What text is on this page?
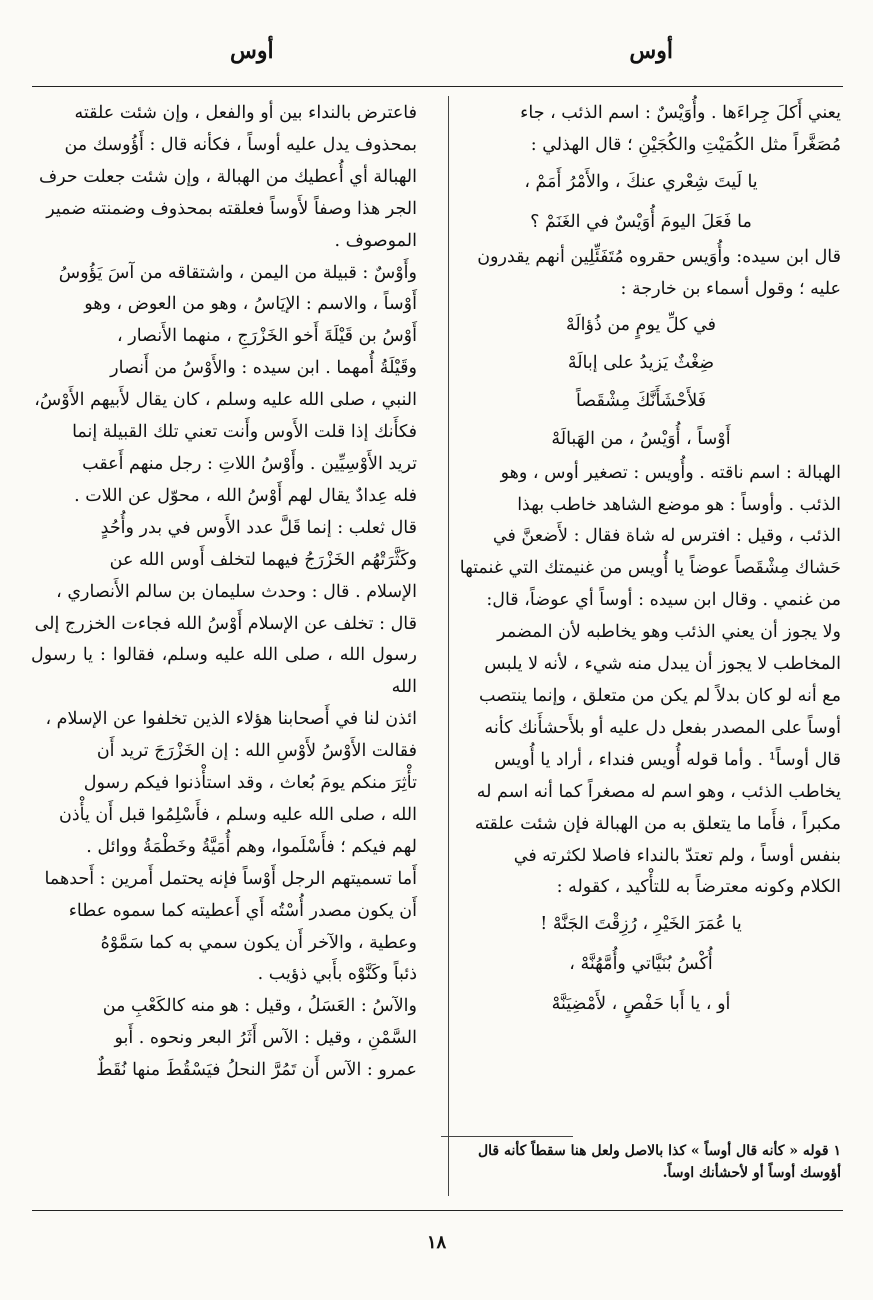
أوس
أوس

يعني أَكلَ جِراءَها . وأُوَيْسٌ : اسم الذئب ، جاء

مُصَغَّراً مثل الكُمَيْتِ والكُجَيْنِ ؛ قال الهذلي :

يا لَيتَ شِعْري عنكَ ، والأَمْرُ أَمَمْ ،

ما فَعَلَ اليومَ أُوَيْسٌ في الغَنَمْ ؟

قال ابن سيده: وأُوَيس حقروه مُتَفَئِّلِين أنهم يقدرون

عليه ؛ وقول أسماء بن خارجة :

في كلِّ يومٍ من ذُؤالَهْ

ضِغْثٌ يَزيدُ على إبالَهْ

فَلأَحْشَأَنَّكَ مِشْقَصاً

أَوْساً ، أُوَيْسُ ، من الهَبالَهْ

الهبالة : اسم ناقته . وأُويس : تصغير أوس ، وهو

الذئب . وأوساً : هو موضع الشاهد خاطب بهذا

الذئب ، وقيل : افترس له شاة فقال : لأَضعنَّ في

حَشاك مِشْقَصاً عوضاً يا أُويس من غنيمتك التي غنمتها

من غنمي . وقال ابن سيده : أوساً أي عوضاً، قال:

ولا يجوز أن يعني الذئب وهو يخاطبه لأن المضمر

المخاطب لا يجوز أن يبدل منه شيء ، لأنه لا يلبس

مع أنه لو كان بدلاً لم يكن من متعلق ، وإنما ينتصب

أوساً على المصدر بفعل دل عليه أو بلأَحشأَنك كأنه

قال أوساً¹ . وأما قوله أُويس فنداء ، أراد يا أُويس

يخاطب الذئب ، وهو اسم له مصغراً كما أنه اسم له

مكبراً ، فأَما ما يتعلق به من الهبالة فإن شئت علقته

بنفس أوساً ، ولم تعتدّ بالنداء فاصلا لكثرته في

الكلام وكونه معترضاً به للتأْكيد ، كقوله :

يا عُمَرَ الخَيْرِ ، رُزِقْتَ الجَنَّهْ !

أُكْسُ بُنَيَّاتي وأُمَّهُنَّهْ ،

أو ، يا أَبا حَفْصٍ ، لأَمْضِيَنَّهْ

١ قوله « كأنه قال أوساً » كذا بالاصل ولعل هنا سقطاً كأنه قال
أؤوسك أوساً أو لأحشأنك اوساً.

فاعترض بالنداء بين أو والفعل ، وإن شئت علقته

بمحذوف يدل عليه أوساً ، فكأنه قال : أَؤُوسك من

الهبالة أي أُعطيك من الهبالة ، وإن شئت جعلت حرف

الجر هذا وصفاً لأَوساً فعلقته بمحذوف وضمنته ضمير

الموصوف .

وأَوْسٌ : قبيلة من اليمن ، واشتقاقه من آسَ يَؤُوسُ

أَوْساً ، والاسم : الإيَاسُ ، وهو من العوض ، وهو

أَوْسُ بن قَيْلَةَ أَخو الخَزْرَجِ ، منهما الأَنصار ،

وقَيْلَةُ أُمهما . ابن سيده : والأَوْسُ من أَنصار

النبي ، صلى الله عليه وسلم ، كان يقال لأَبيهم الأَوْسُ،

فكأَنك إذا قلت الأَوس وأَنت تعني تلك القبيلة إنما

تريد الأَوْسِيِّين . وأَوْسُ اللاتِ : رجل منهم أَعقب

فله عِدادٌ يقال لهم أَوْسُ الله ، محوّل عن اللات .

قال ثعلب : إنما قَلَّ عدد الأَوس في بدر وأُحُدٍ

وكَثَّرَتْهُم الخَزْرَجُ فيهما لتخلف أَوس الله عن

الإسلام . قال : وحدث سليمان بن سالم الأَنصاري ،

قال : تخلف عن الإسلام أَوْسُ الله فجاءت الخزرج إلى

رسول الله ، صلى الله عليه وسلم، فقالوا : يا رسول الله

ائذن لنا في أَصحابنا هؤلاء الذين تخلفوا عن الإسلام ،

فقالت الأَوْسُ لأَوْسِ الله : إن الخَزْرَجَ تريد أَن

تأْثِرَ منكم يومَ بُعاث ، وقد استأْذنوا فيكم رسول

الله ، صلى الله عليه وسلم ، فأَسْلِمُوا قبل أَن يأْذن

لهم فيكم ؛ فأَسْلَموا، وهم أُمَيَّةُ وخَطْمَةُ ووائل .

أَما تسميتهم الرجل أَوْساً فإنه يحتمل أَمرين : أَحدهما

أَن يكون مصدر أُسْتُه أَي أَعطيته كما سموه عطاء

وعطية ، والآخر أَن يكون سمي به كما سَمَّوْهُ

ذئباً وكَنَّوْه بأَبي ذؤيب .

والآسُ : العَسَلُ ، وقيل : هو منه كالكَعْبِ من

السَّمْنِ ، وقيل : الآس أَثَرُ البعر ونحوه . أَبو

عمرو : الآس أَن تَمُرَّ النحلُ فيَسْقُطَ منها نُقَطٌ

١٨
